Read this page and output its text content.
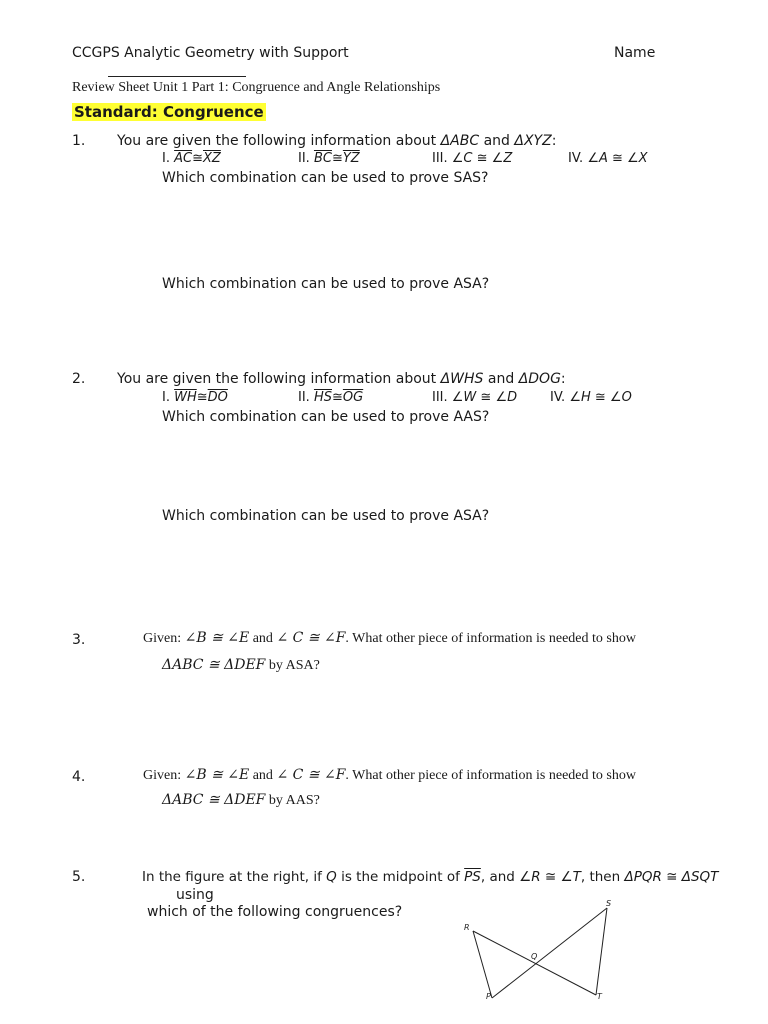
CCGPS Analytic Geometry with Support	Name
Review Sheet Unit 1 Part 1: Congruence and Angle Relationships
Standard: Congruence
1. You are given the following information about ΔABC and ΔXYZ:
I. $\overline{AC}≅\overline{XZ}$	II. $\overline{BC}≅\overline{YZ}$	III. ∠C ≅ ∠Z	IV. ∠A ≅ ∠X
Which combination can be used to prove SAS?
Which combination can be used to prove ASA?
2. You are given the following information about ΔWHS and ΔDOG:
I. $\overline{WH}≅\overline{DO}$	II. $\overline{HS}≅\overline{OG}$	III. ∠W ≅ ∠D	IV. ∠H ≅ ∠O
Which combination can be used to prove AAS?
Which combination can be used to prove ASA?
3.	Given: ∠B ≅ ∠E and ∠ C ≅ ∠F. What other piece of information is needed to show
ΔABC ≅ ΔDEF by ASA?
4.	Given: ∠B ≅ ∠E and ∠ C ≅ ∠F. What other piece of information is needed to show
ΔABC ≅ ΔDEF by AAS?
5.	In the figure at the right, if Q is the midpoint of $\overline{PS}$, and ∠R ≅ ∠T, then ΔPQR ≅ ΔSQT
using
which of the following congruences?
R
S
Q
P	T
